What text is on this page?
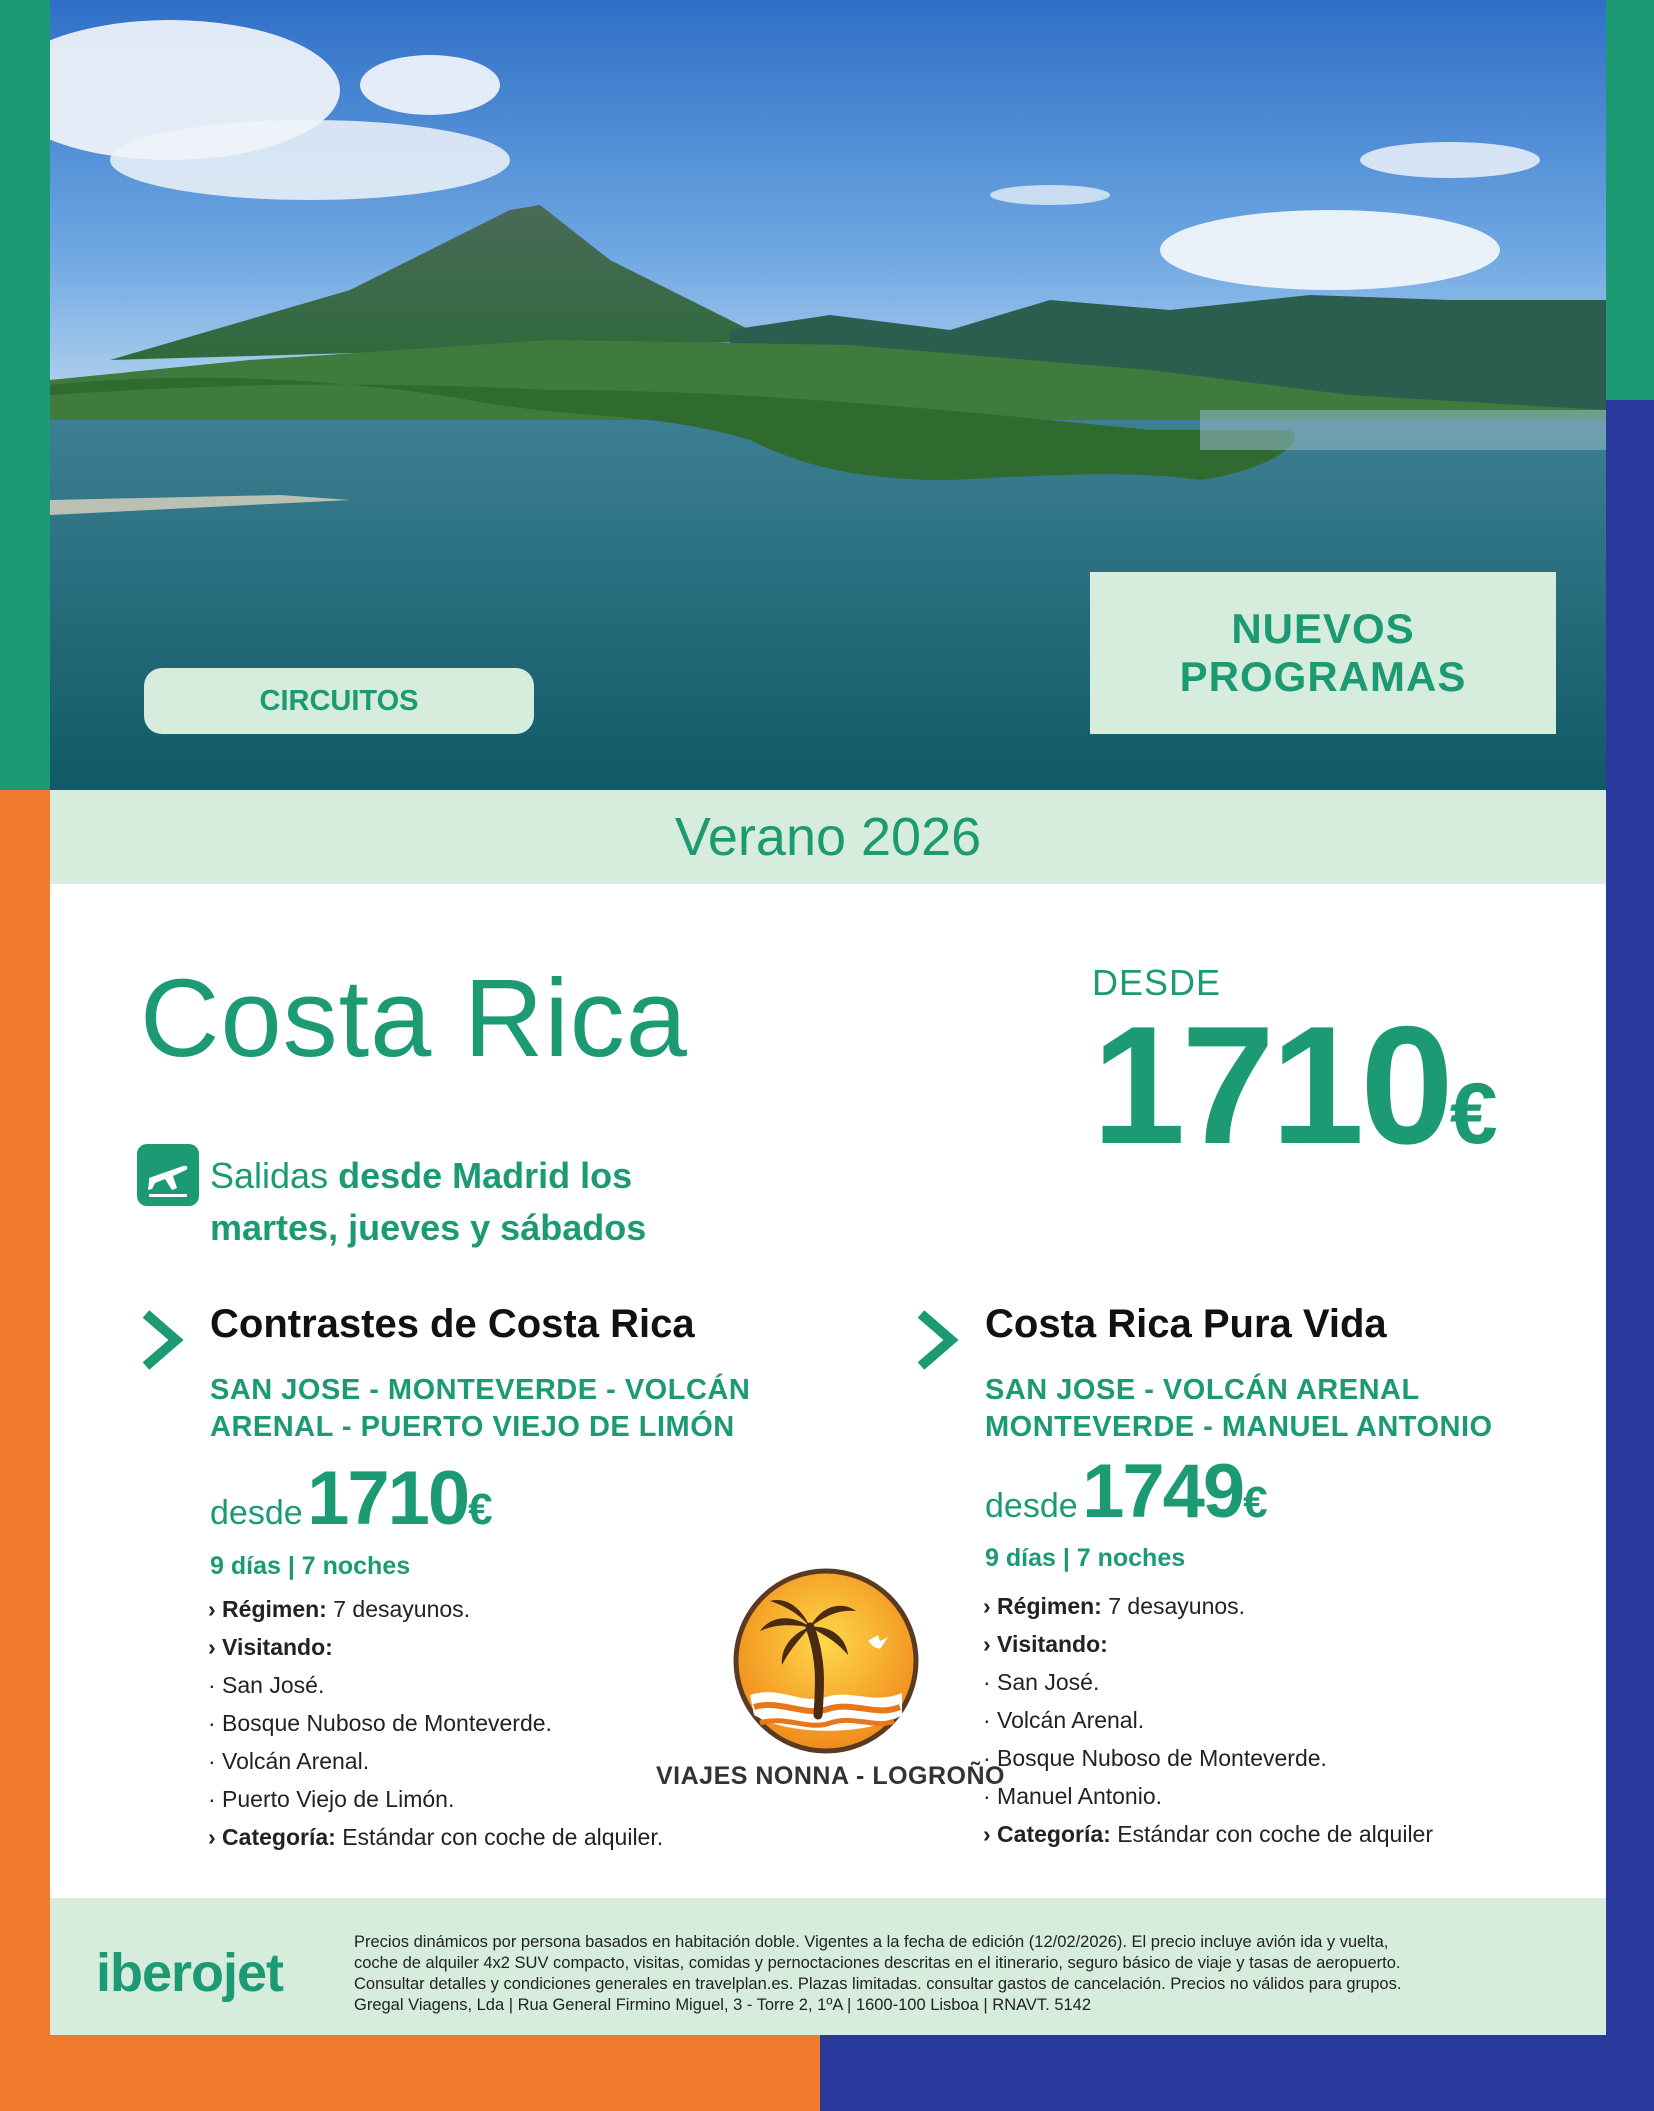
CIRCUITOS
NUEVOS
PROGRAMAS
Verano 2026
Costa Rica	DESDE
1710€
Salidas desde Madrid los martes, jueves y sábados
Contrastes de Costa Rica
SAN JOSE - MONTEVERDE - VOLCÁN
ARENAL - PUERTO VIEJO DE LIMÓN
desde 1710€
9 días | 7 noches
› Régimen: 7 desayunos.
› Visitando:
· San José.
· Bosque Nuboso de Monteverde.
· Volcán Arenal.
· Puerto Viejo de Limón.
› Categoría: Estándar con coche de alquiler.
Costa Rica Pura Vida
SAN JOSE - VOLCÁN ARENAL
MONTEVERDE - MANUEL ANTONIO
desde 1749€
9 días | 7 noches
› Régimen: 7 desayunos.
› Visitando:
· San José.
· Volcán Arenal.
· Bosque Nuboso de Monteverde.
· Manuel Antonio.
› Categoría: Estándar con coche de alquiler
VIAJES NONNA - LOGROÑO
iberojet
Precios dinámicos por persona basados en habitación doble. Vigentes a la fecha de edición (12/02/2026). El precio incluye avión ida y vuelta,
coche de alquiler 4x2 SUV compacto, visitas, comidas y pernoctaciones descritas en el itinerario, seguro básico de viaje y tasas de aeropuerto.
Consultar detalles y condiciones generales en travelplan.es. Plazas limitadas. consultar gastos de cancelación. Precios no válidos para grupos.
Gregal Viagens, Lda | Rua General Firmino Miguel, 3 - Torre 2, 1ºA | 1600-100 Lisboa | RNAVT. 5142
